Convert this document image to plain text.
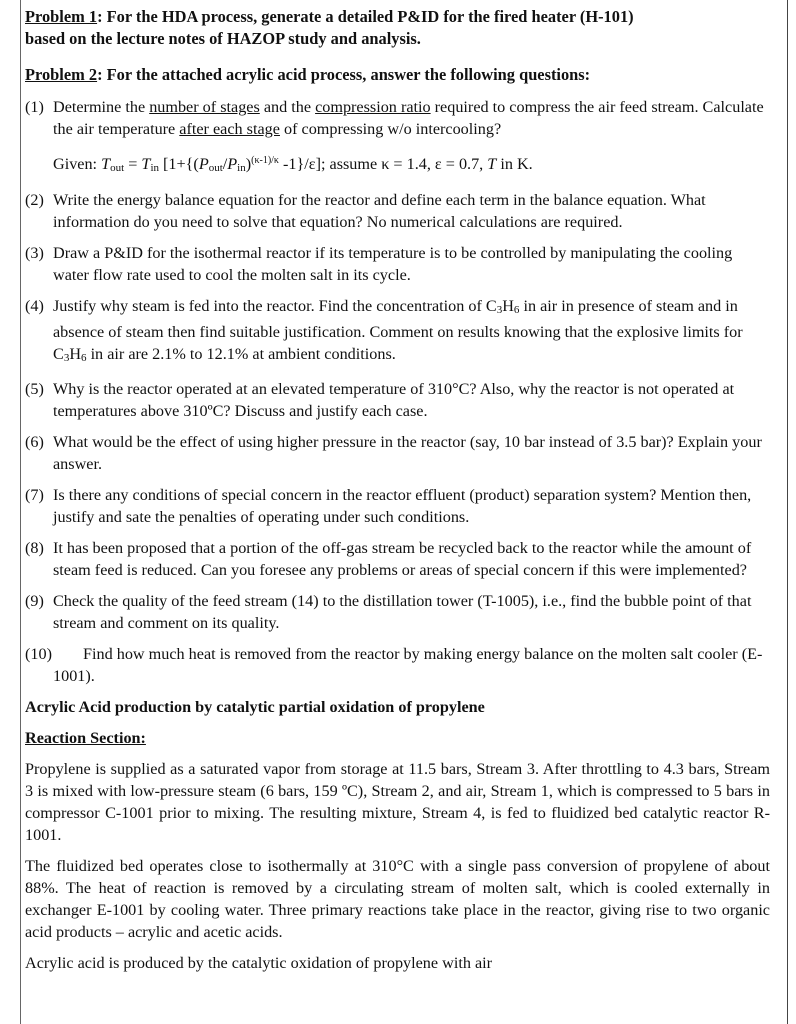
Problem 1: For the HDA process, generate a detailed P&ID for the fired heater (H-101)
based on the lecture notes of HAZOP study and analysis.
Problem 2: For the attached acrylic acid process, answer the following questions:
(1) Determine the number of stages and the compression ratio required to compress the air feed stream. Calculate the air temperature after each stage of compressing w/o intercooling?
Given: Tout = Tin [1+{(Pout/Pin)$^{(\kappa-1)/\kappa}$ -1}/ε]; assume κ = 1.4, ε = 0.7, T in K.
(2) Write the energy balance equation for the reactor and define each term in the balance equation. What information do you need to solve that equation? No numerical calculations are required.
(3) Draw a P&ID for the isothermal reactor if its temperature is to be controlled by manipulating the cooling water flow rate used to cool the molten salt in its cycle.
(4) Justify why steam is fed into the reactor. Find the concentration of C3H6 in air in presence of steam and in absence of steam then find suitable justification. Comment on results knowing that the explosive limits for C3H6 in air are 2.1% to 12.1% at ambient conditions.
(5) Why is the reactor operated at an elevated temperature of 310°C? Also, why the reactor is not operated at temperatures above 310ºC? Discuss and justify each case.
(6) What would be the effect of using higher pressure in the reactor (say, 10 bar instead of 3.5 bar)? Explain your answer.
(7) Is there any conditions of special concern in the reactor effluent (product) separation system? Mention then, justify and sate the penalties of operating under such conditions.
(8) It has been proposed that a portion of the off-gas stream be recycled back to the reactor while the amount of steam feed is reduced. Can you foresee any problems or areas of special concern if this were implemented?
(9) Check the quality of the feed stream (14) to the distillation tower (T-1005), i.e., find the bubble point of that stream and comment on its quality.
(10) Find how much heat is removed from the reactor by making energy balance on the molten salt cooler (E-1001).
Acrylic Acid production by catalytic partial oxidation of propylene
Reaction Section:
Propylene is supplied as a saturated vapor from storage at 11.5 bars, Stream 3. After throttling to 4.3 bars, Stream 3 is mixed with low-pressure steam (6 bars, 159 ºC), Stream 2, and air, Stream 1, which is compressed to 5 bars in compressor C-1001 prior to mixing. The resulting mixture, Stream 4, is fed to fluidized bed catalytic reactor R-1001.
The fluidized bed operates close to isothermally at 310°C with a single pass conversion of propylene of about 88%. The heat of reaction is removed by a circulating stream of molten salt, which is cooled externally in exchanger E-1001 by cooling water. Three primary reactions take place in the reactor, giving rise to two organic acid products – acrylic and acetic acids.
Acrylic acid is produced by the catalytic oxidation of propylene with air
